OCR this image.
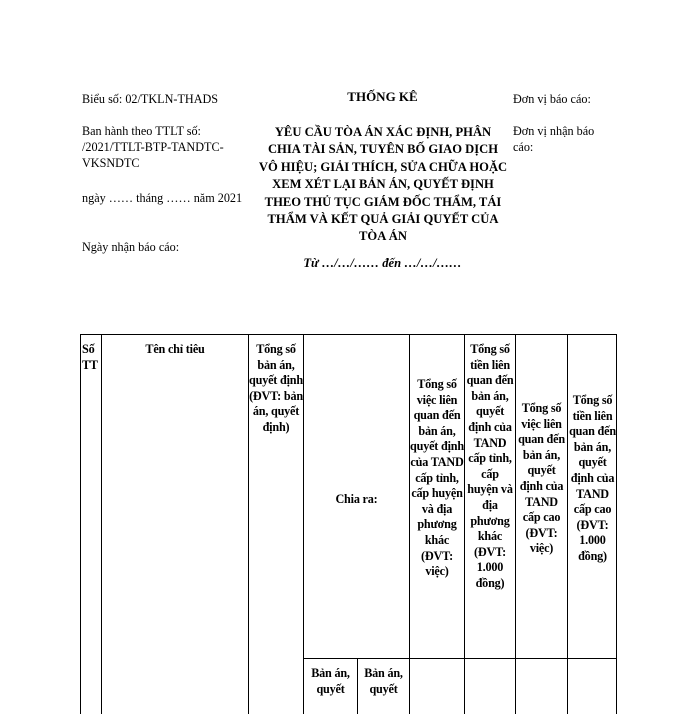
Biểu số: 02/TKLN-THADS
Ban hành theo TTLT số: /2021/TTLT-BTP-TANDTC-VKSNDTC
ngày …… tháng …… năm 2021
Ngày nhận báo cáo:
THỐNG KÊ
YÊU CẦU TÒA ÁN XÁC ĐỊNH, PHÂN CHIA TÀI SẢN, TUYÊN BỐ GIAO DỊCH VÔ HIỆU; GIẢI THÍCH, SỬA CHỮA HOẶC XEM XÉT LẠI BẢN ÁN, QUYẾT ĐỊNH THEO THỦ TỤC GIÁM ĐỐC THẨM, TÁI THẨM VÀ KẾT QUẢ GIẢI QUYẾT CỦA TÒA ÁN
Từ …/…/…… đến …/…/……
Đơn vị báo cáo:
Đơn vị nhận báo cáo:
Số TT
Tên chỉ tiêu	Tổng số bản án, quyết định (ĐVT: bản án, quyết định)
Chia ra:
Tổng số việc liên quan đến bản án, quyết định của TAND cấp tỉnh, cấp huyện và địa phương khác (ĐVT: việc)
Tổng số tiền liên quan đến bản án, quyết định của TAND cấp tỉnh, cấp huyện và địa phương khác (ĐVT: 1.000 đồng)
Tổng số việc liên quan đến bản án, quyết định của TAND cấp cao (ĐVT: việc)
Tổng số tiền liên quan đến bản án, quyết định của TAND cấp cao (ĐVT: 1.000 đồng)
Bản án, quyết
Bản án, quyết
